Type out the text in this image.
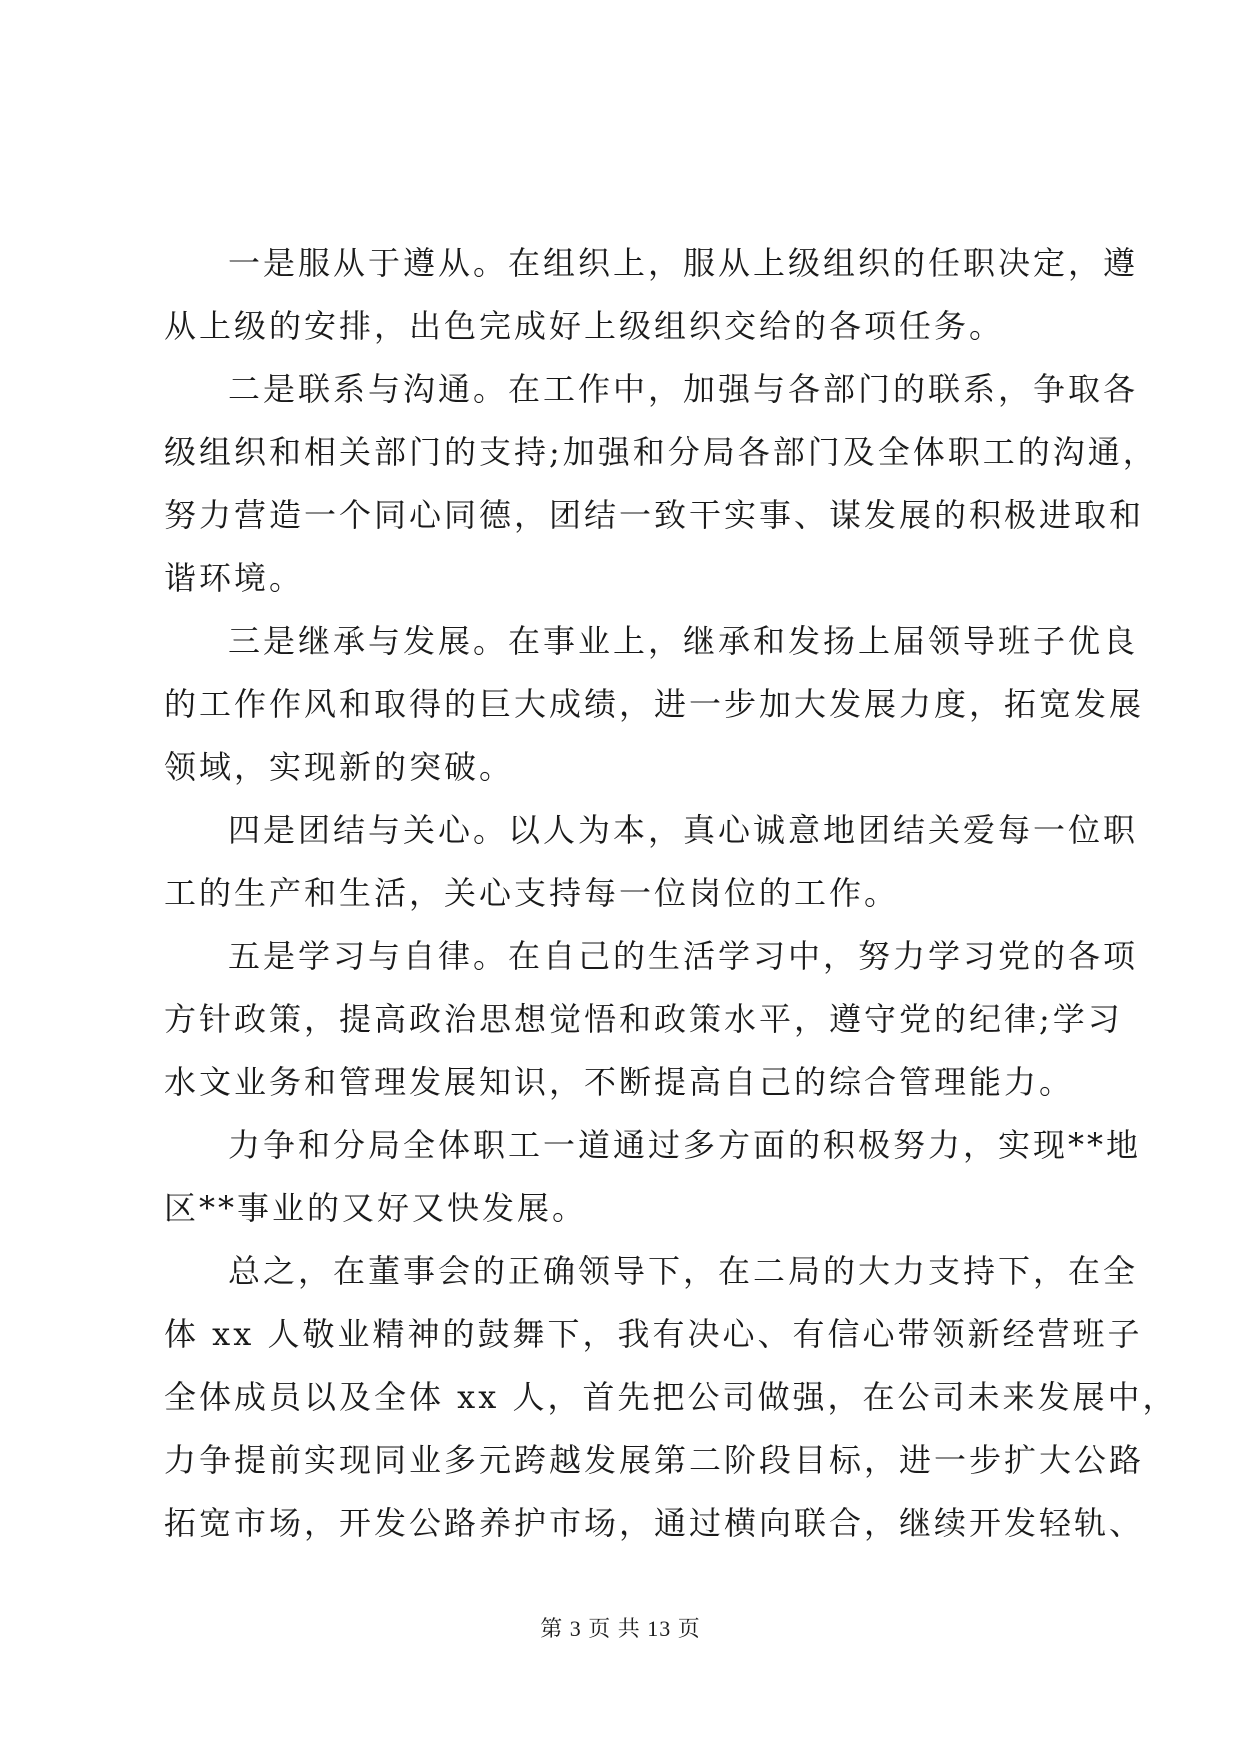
一是服从于遵从。在组织上，服从上级组织的任职决定，遵
从上级的安排，出色完成好上级组织交给的各项任务。

二是联系与沟通。在工作中，加强与各部门的联系，争取各
级组织和相关部门的支持;加强和分局各部门及全体职工的沟通，
努力营造一个同心同德，团结一致干实事、谋发展的积极进取和
谐环境。

三是继承与发展。在事业上，继承和发扬上届领导班子优良
的工作作风和取得的巨大成绩，进一步加大发展力度，拓宽发展
领域，实现新的突破。

四是团结与关心。以人为本，真心诚意地团结关爱每一位职
工的生产和生活，关心支持每一位岗位的工作。

五是学习与自律。在自己的生活学习中，努力学习党的各项
方针政策，提高政治思想觉悟和政策水平，遵守党的纪律;学习
水文业务和管理发展知识，不断提高自己的综合管理能力。

力争和分局全体职工一道通过多方面的积极努力，实现**地
区**事业的又好又快发展。

总之，在董事会的正确领导下，在二局的大力支持下，在全
体 xx 人敬业精神的鼓舞下，我有决心、有信心带领新经营班子
全体成员以及全体 xx 人，首先把公司做强，在公司未来发展中，
力争提前实现同业多元跨越发展第二阶段目标，进一步扩大公路
拓宽市场，开发公路养护市场，通过横向联合，继续开发轻轨、

第 3 页 共 13 页
